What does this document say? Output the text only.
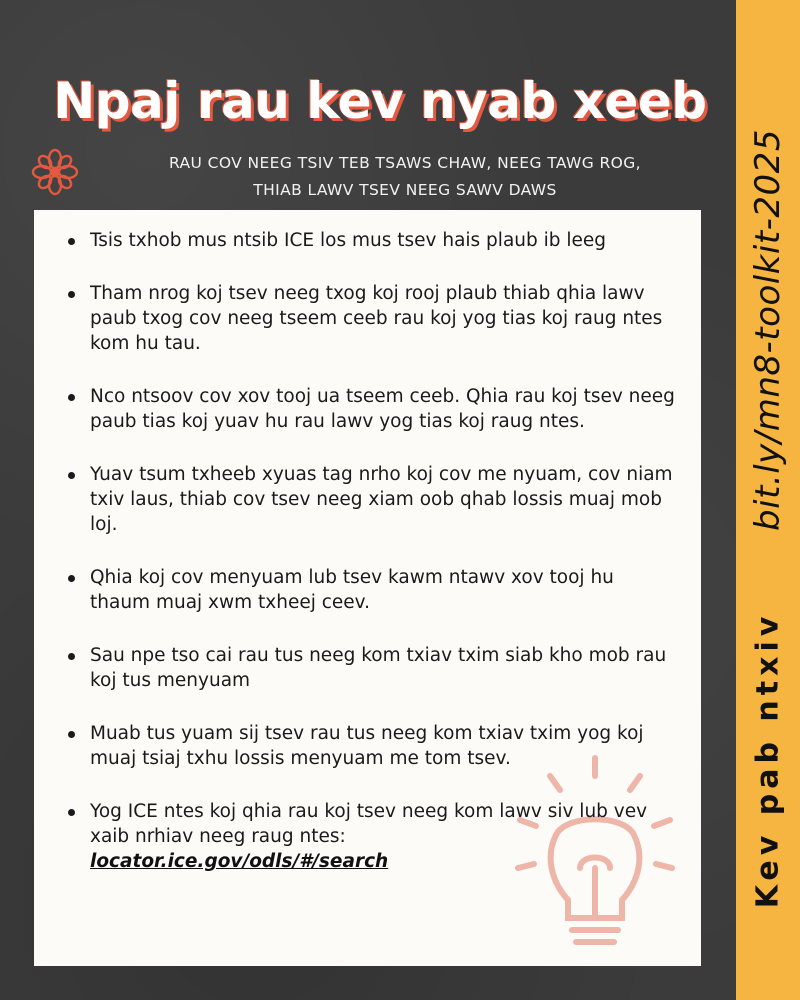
bit.ly/mn8-toolkit-2025
Kev pab ntxiv
Npaj rau kev nyab xeeb
RAU COV NEEG TSIV TEB TSAWS CHAW, NEEG TAWG ROG,
THIAB LAWV TSEV NEEG SAWV DAWS
Tsis txhob mus ntsib ICE los mus tsev hais plaub ib leeg
Tham nrog koj tsev neeg txog koj rooj plaub thiab qhia lawv paub txog cov neeg tseem ceeb rau koj yog tias koj raug ntes kom hu tau.
Nco ntsoov cov xov tooj ua tseem ceeb. Qhia rau koj tsev neeg paub tias koj yuav hu rau lawv yog tias koj raug ntes.
Yuav tsum txheeb xyuas tag nrho koj cov me nyuam, cov niam txiv laus, thiab cov tsev neeg xiam oob qhab lossis muaj mob loj.
Qhia koj cov menyuam lub tsev kawm ntawv xov tooj hu thaum muaj xwm txheej ceev.
Sau npe tso cai rau tus neeg kom txiav txim siab kho mob rau koj tus menyuam
Muab tus yuam sij tsev rau tus neeg kom txiav txim yog koj muaj tsiaj txhu lossis menyuam me tom tsev.
Yog ICE ntes koj qhia rau koj tsev neeg kom lawv siv lub vev xaib nrhiav neeg raug ntes:
locator.ice.gov/odls/#/search
